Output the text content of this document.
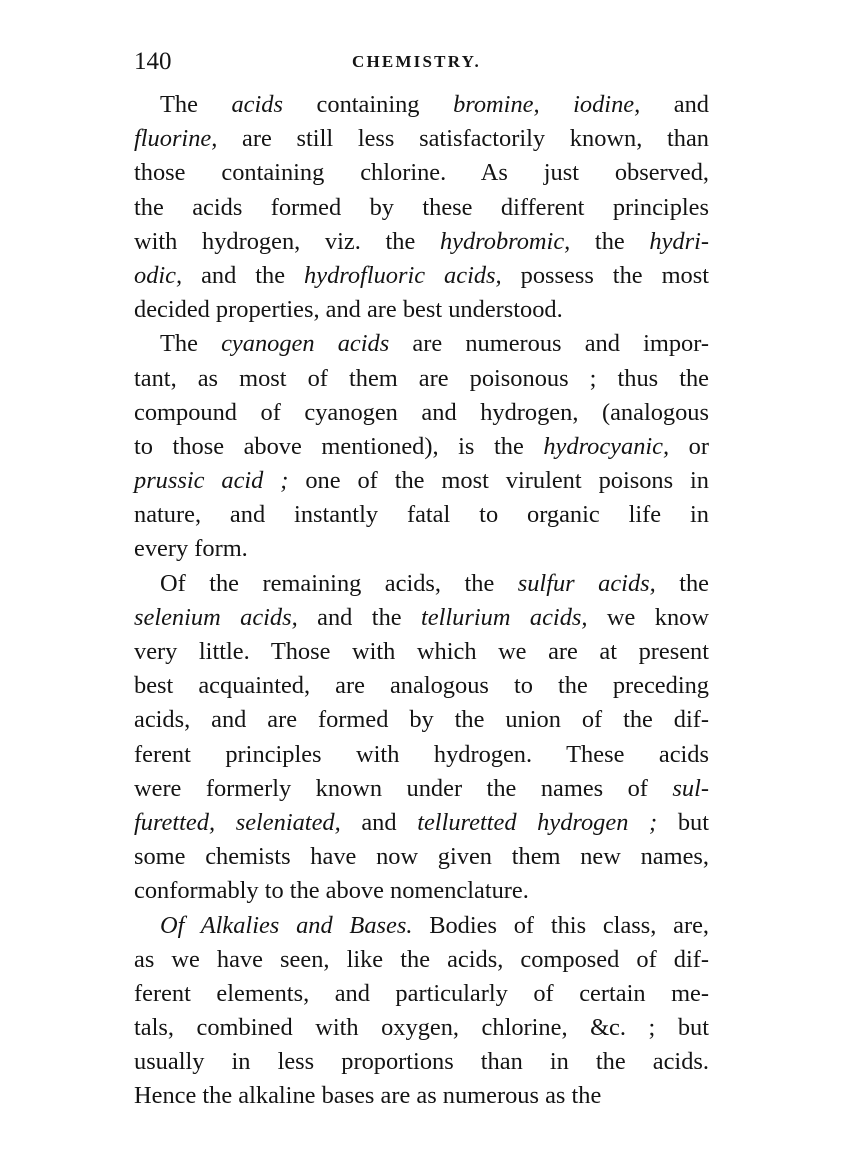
140	CHEMISTRY.
The acids containing bromine, iodine, and
fluorine, are still less satisfactorily known, than
those containing chlorine. As just observed,
the acids formed by these different principles
with hydrogen, viz. the hydrobromic, the hydri-
odic, and the hydrofluoric acids, possess the most
decided properties, and are best understood.
The cyanogen acids are numerous and impor-
tant, as most of them are poisonous ; thus the
compound of cyanogen and hydrogen, (analogous
to those above mentioned), is the hydrocyanic, or
prussic acid ; one of the most virulent poisons in
nature, and instantly fatal to organic life in
every form.
Of the remaining acids, the sulfur acids, the
selenium acids, and the tellurium acids, we know
very little. Those with which we are at present
best acquainted, are analogous to the preceding
acids, and are formed by the union of the dif-
ferent principles with hydrogen. These acids
were formerly known under the names of sul-
furetted, seleniated, and telluretted hydrogen ; but
some chemists have now given them new names,
conformably to the above nomenclature.
Of Alkalies and Bases. Bodies of this class, are,
as we have seen, like the acids, composed of dif-
ferent elements, and particularly of certain me-
tals, combined with oxygen, chlorine, &c. ; but
usually in less proportions than in the acids.
Hence the alkaline bases are as numerous as the
